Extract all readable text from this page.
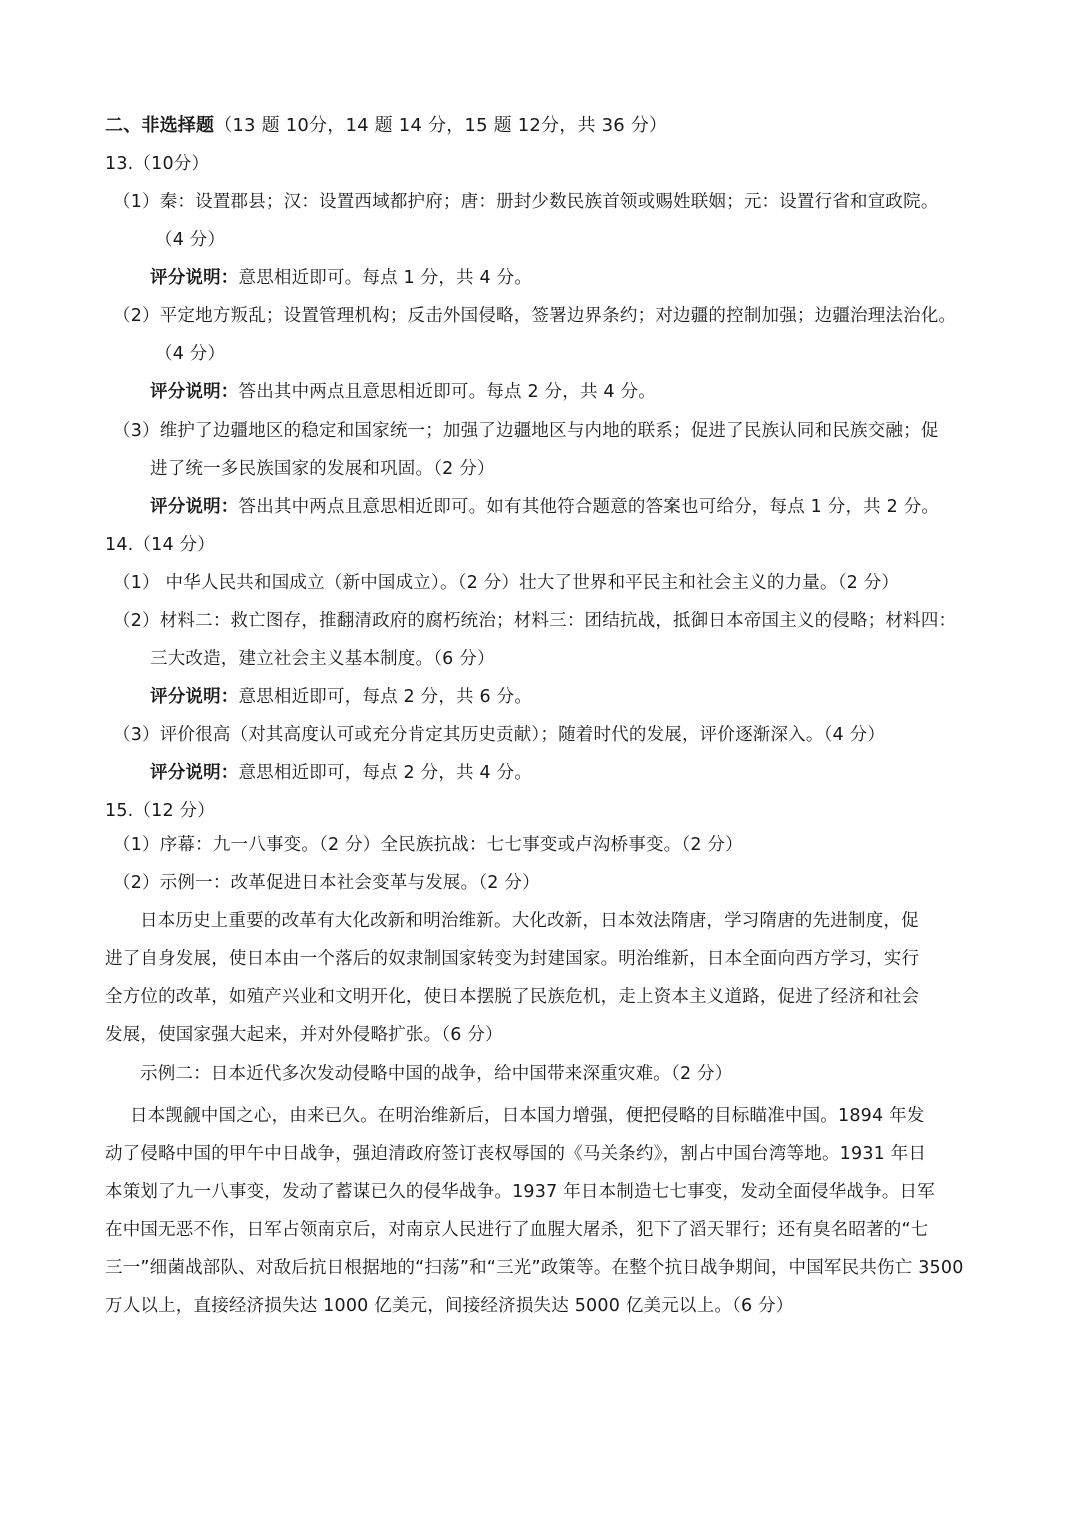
二、非选择题（13 题 10分，14 题 14 分，15 题 12分，共 36 分）
13.（10分）
（1）秦：设置郡县；汉：设置西域都护府；唐：册封少数民族首领或赐姓联姻；元：设置行省和宣政院。
（4 分）
评分说明：意思相近即可。每点 1 分，共 4 分。
（2）平定地方叛乱；设置管理机构；反击外国侵略，签署边界条约；对边疆的控制加强；边疆治理法治化。
（4 分）
评分说明：答出其中两点且意思相近即可。每点 2 分，共 4 分。
（3）维护了边疆地区的稳定和国家统一；加强了边疆地区与内地的联系；促进了民族认同和民族交融；促
进了统一多民族国家的发展和巩固。（2 分）
评分说明：答出其中两点且意思相近即可。如有其他符合题意的答案也可给分，每点 1 分，共 2 分。
14.（14 分）
（1） 中华人民共和国成立（新中国成立）。（2 分）壮大了世界和平民主和社会主义的力量。（2 分）
（2）材料二：救亡图存，推翻清政府的腐朽统治；材料三：团结抗战，抵御日本帝国主义的侵略；材料四：
三大改造，建立社会主义基本制度。（6 分）
评分说明：意思相近即可，每点 2 分，共 6 分。
（3）评价很高（对其高度认可或充分肯定其历史贡献）；随着时代的发展，评价逐渐深入。（4 分）
评分说明：意思相近即可，每点 2 分，共 4 分。
15.（12 分）
（1）序幕：九一八事变。（2 分）全民族抗战：七七事变或卢沟桥事变。（2 分）
（2）示例一：改革促进日本社会变革与发展。（2 分）
日本历史上重要的改革有大化改新和明治维新。大化改新，日本效法隋唐，学习隋唐的先进制度，促
进了自身发展，使日本由一个落后的奴隶制国家转变为封建国家。明治维新，日本全面向西方学习，实行
全方位的改革，如殖产兴业和文明开化，使日本摆脱了民族危机，走上资本主义道路，促进了经济和社会
发展，使国家强大起来，并对外侵略扩张。（6 分）
示例二：日本近代多次发动侵略中国的战争，给中国带来深重灾难。（2 分）
日本觊觎中国之心，由来已久。在明治维新后，日本国力增强，便把侵略的目标瞄准中国。1894 年发
动了侵略中国的甲午中日战争，强迫清政府签订丧权辱国的《马关条约》，割占中国台湾等地。1931 年日
本策划了九一八事变，发动了蓄谋已久的侵华战争。1937 年日本制造七七事变，发动全面侵华战争。日军
在中国无恶不作，日军占领南京后，对南京人民进行了血腥大屠杀，犯下了滔天罪行；还有臭名昭著的“七
三一”细菌战部队、对敌后抗日根据地的“扫荡”和“三光”政策等。在整个抗日战争期间，中国军民共伤亡 3500
万人以上，直接经济损失达 1000 亿美元，间接经济损失达 5000 亿美元以上。（6 分）
